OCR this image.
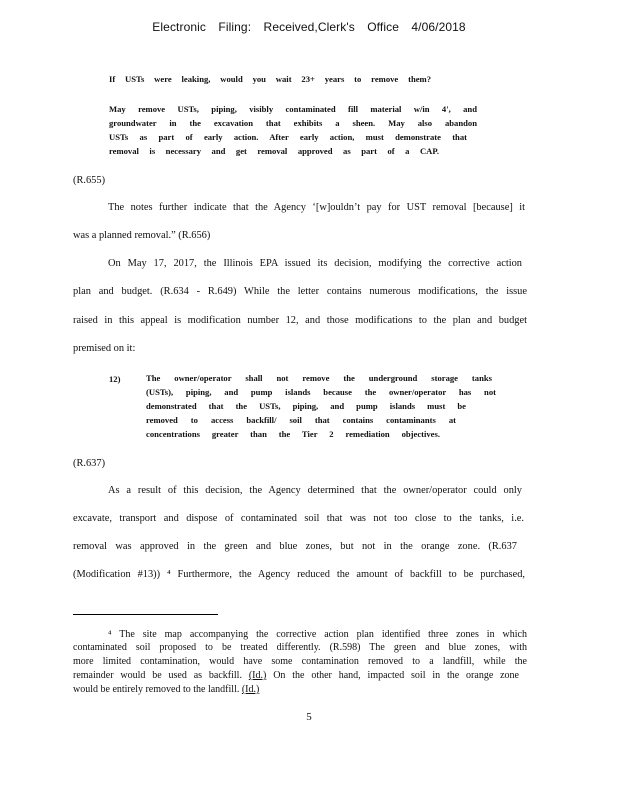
Electronic Filing: Received,Clerk's Office 4/06/2018
If USTs were leaking, would you wait 23+ years to remove them?
May remove USTs, piping, visibly contaminated fill material w/in 4', and
groundwater in the excavation that exhibits a sheen. May also abandon
USTs as part of early action. After early action, must demonstrate that
removal is necessary and get removal approved as part of a CAP.
(R.655)
The notes further indicate that the Agency ‘[w]ouldn’t pay for UST removal [because] it
was a planned removal.” (R.656)
On May 17, 2017, the Illinois EPA issued its decision, modifying the corrective action
plan and budget. (R.634 - R.649) While the letter contains numerous modifications, the issue
raised in this appeal is modification number 12, and those modifications to the plan and budget
premised on it:
12)	The owner/operator shall not remove the underground storage tanks
(USTs), piping, and pump islands because the owner/operator has not
demonstrated that the USTs, piping, and pump islands must be
removed to access backfill/ soil that contains contaminants at
concentrations greater than the Tier 2 remediation objectives.
(R.637)
As a result of this decision, the Agency determined that the owner/operator could only
excavate, transport and dispose of contaminated soil that was not too close to the tanks, i.e.
removal was approved in the green and blue zones, but not in the orange zone. (R.637
(Modification #13)) ⁴ Furthermore, the Agency reduced the amount of backfill to be purchased,
⁴ The site map accompanying the corrective action plan identified three zones in which
contaminated soil proposed to be treated differently. (R.598) The green and blue zones, with
more limited contamination, would have some contamination removed to a landfill, while the
remainder would be used as backfill. (Id.) On the other hand, impacted soil in the orange zone
would be entirely removed to the landfill. (Id.)
5
